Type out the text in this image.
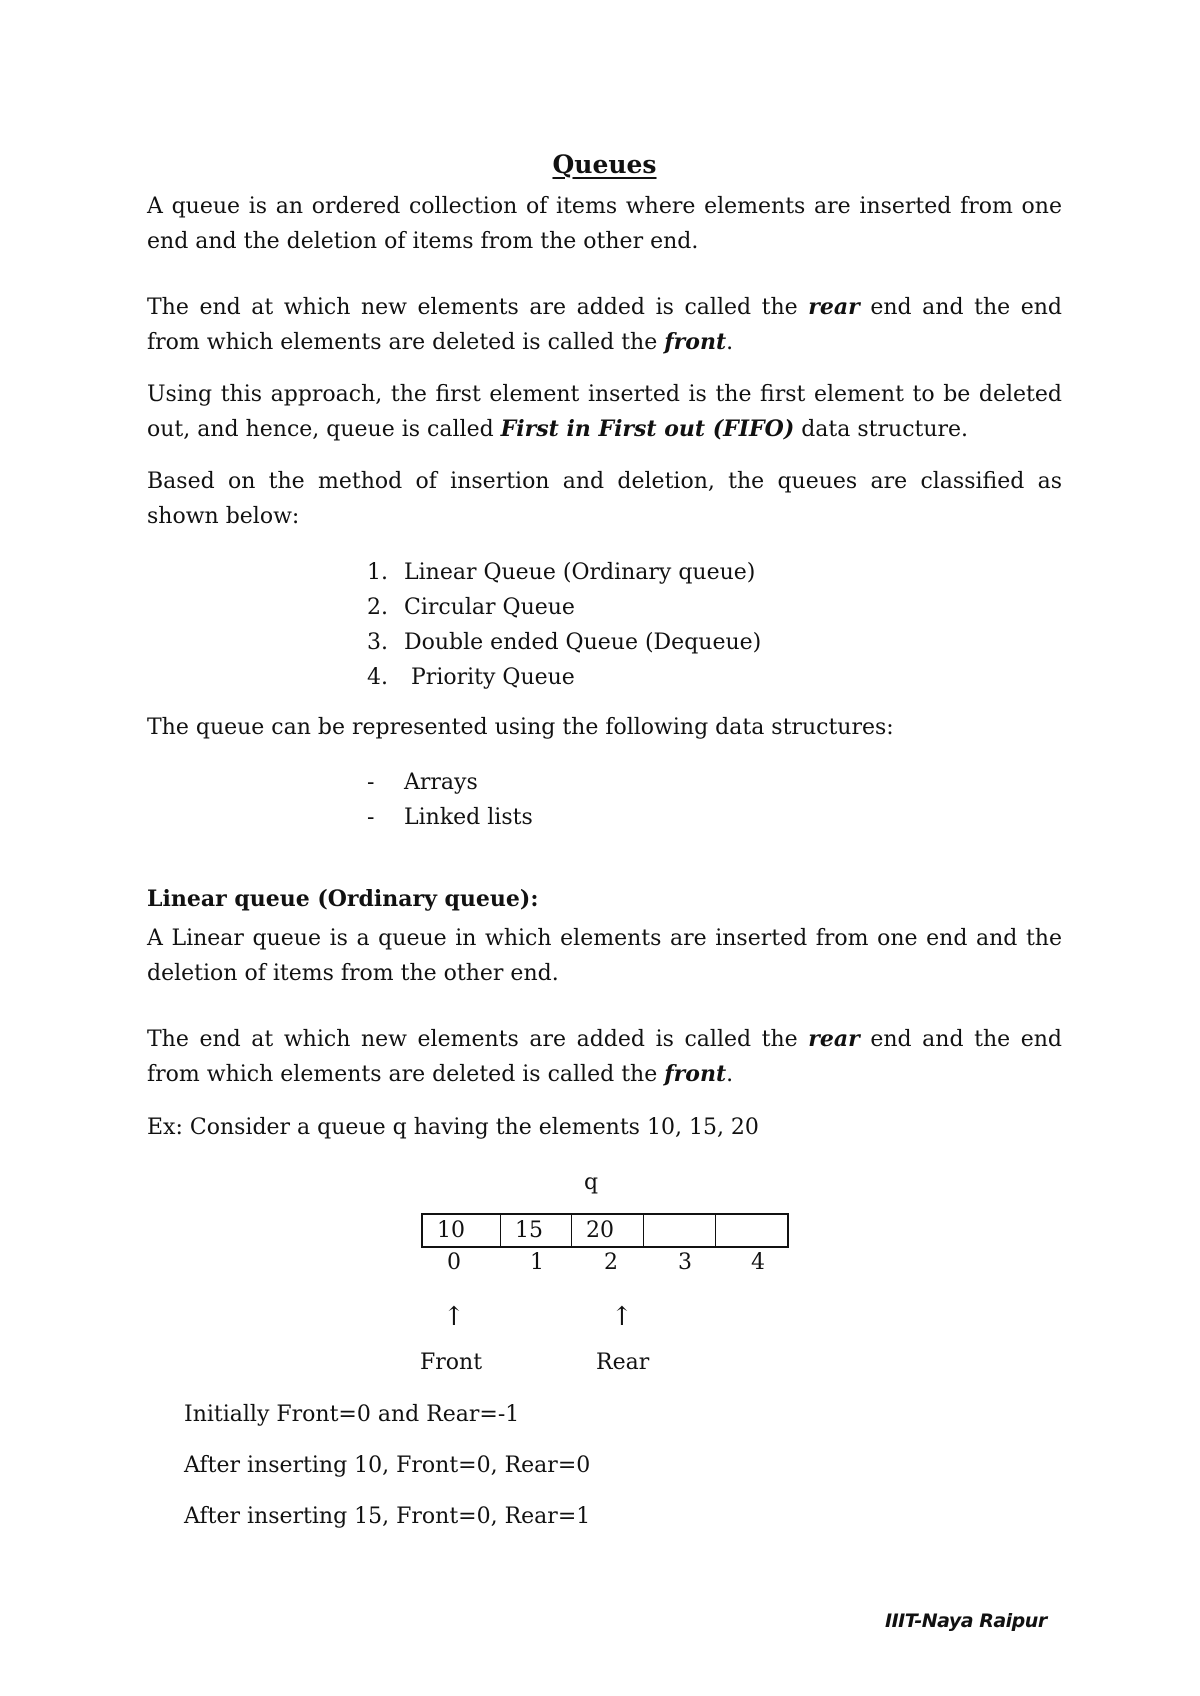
Queues

A queue is an ordered collection of items where elements are inserted from one end and the deletion of items from the other end.

The end at which new elements are added is called the rear end and the end from which elements are deleted is called the front.

Using this approach, the first element inserted is the first element to be deleted out, and hence, queue is called First in First out (FIFO) data structure.

Based on the method of insertion and deletion, the queues are classified as shown below:

1. Linear Queue (Ordinary queue)
2. Circular Queue
3. Double ended Queue (Dequeue)
4. Priority Queue

The queue can be represented using the following data structures:

- Arrays
- Linked lists

Linear queue (Ordinary queue):

A Linear queue is a queue in which elements are inserted from one end and the deletion of items from the other end.

The end at which new elements are added is called the rear end and the end from which elements are deleted is called the front.

Ex: Consider a queue q having the elements 10, 15, 20

q
10	15	20
0	1	2	3	4
↑	↑
Front	Rear
Initially Front=0 and Rear=-1
After inserting 10, Front=0, Rear=0
After inserting 15, Front=0, Rear=1
IIIT-Naya Raipur
